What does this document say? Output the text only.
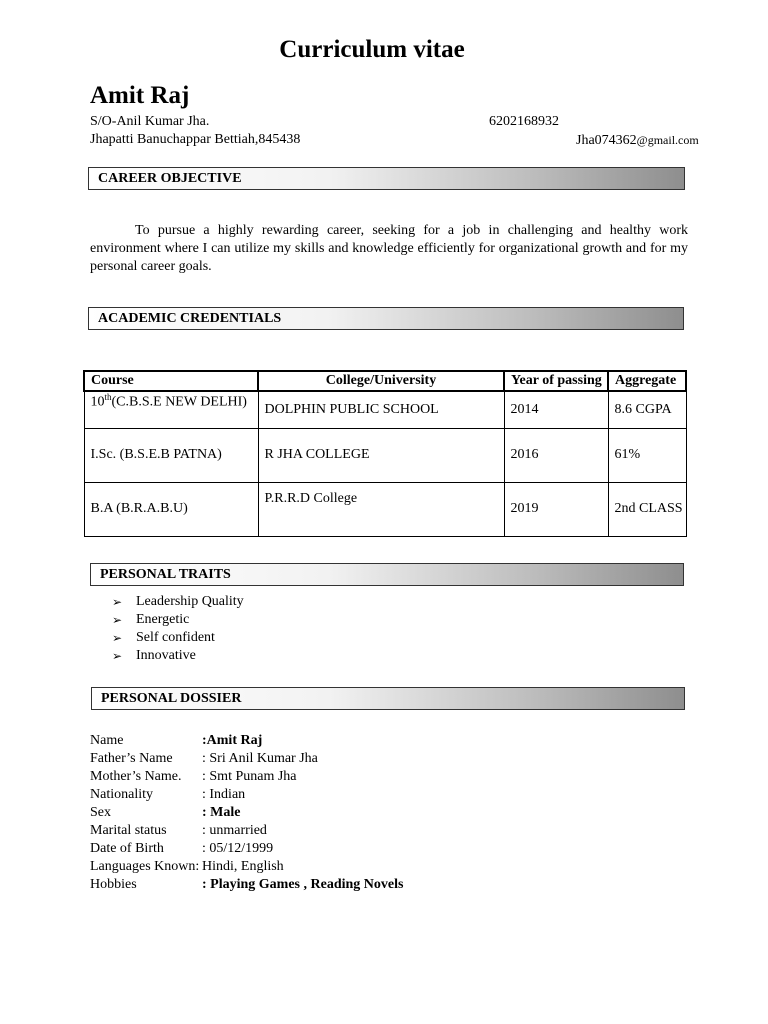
Curriculum vitae
Amit Raj
S/O-Anil Kumar Jha.
Jhapatti Banuchappar Bettiah,845438
6202168932
Jha074362@gmail.com
CAREER OBJECTIVE
To pursue a highly rewarding career, seeking for a job in challenging and healthy work environment where I can utilize my skills and knowledge efficiently for organizational growth and for my personal career goals.
ACADEMIC CREDENTIALS
Course	College/University	Year of passing	Aggregate
10th(C.B.S.E NEW DELHI)	DOLPHIN PUBLIC SCHOOL	2014	8.6 CGPA
I.Sc. (B.S.E.B PATNA)	R JHA COLLEGE	2016	61%
B.A (B.R.A.B.U)	P.R.R.D College	2019	2nd CLASS
PERSONAL TRAITS
➢ Leadership Quality
➢ Energetic
➢ Self confident
➢ Innovative
PERSONAL DOSSIER
Name	:Amit Raj
Father’s Name : Sri Anil Kumar Jha
Mother’s Name. : Smt Punam Jha
Nationality	: Indian
Sex	: Male
Marital status	: unmarried
Date of Birth	: 05/12/1999
Languages Known: Hindi, English
Hobbies	: Playing Games , Reading Novels
